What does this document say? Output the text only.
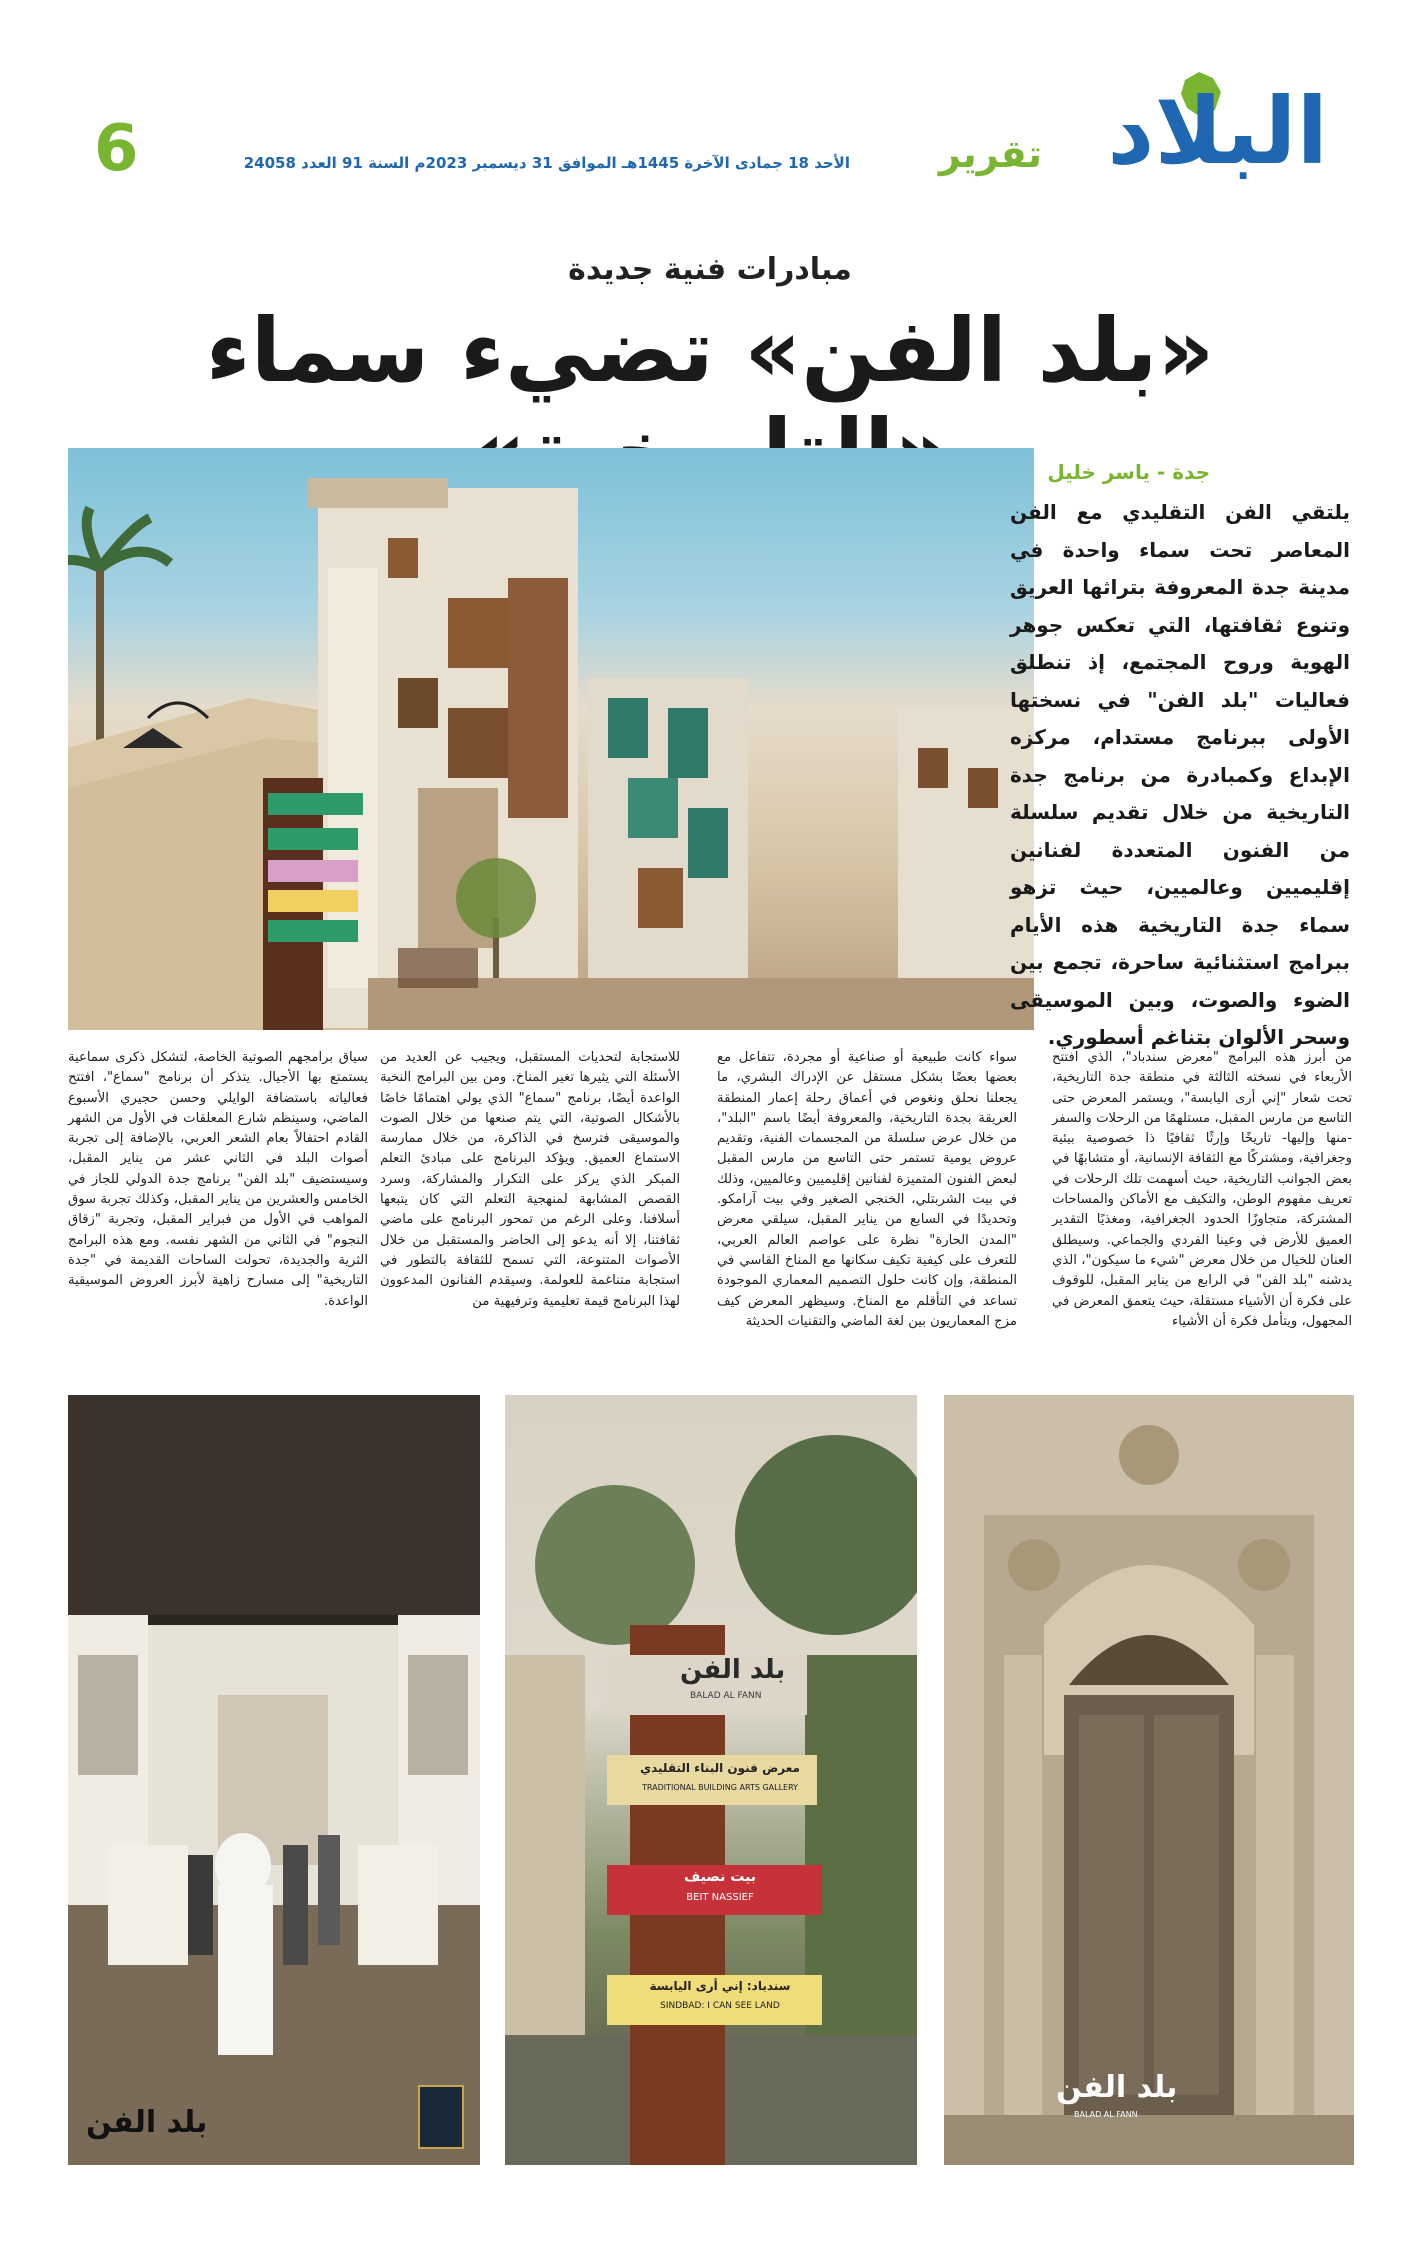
البلاد
تقرير
الأحد 18 جمادى الآخرة 1445هـ الموافق 31 ديسمبر 2023م السنة 91 العدد 24058
6
مبادرات فنية جديدة
«بلد الفن» تضيء سماء
جدة - ياسر خليل
يلتقي الفن التقليدي مع الفن المعاصر تحت سماء واحدة في مدينة جدة المعروفة بتراثها العريق وتنوع ثقافتها، التي تعكس جوهر الهوية وروح المجتمع، إذ تنطلق فعاليات "بلد الفن" في نسختها الأولى ببرنامج مستدام، مركزه الإبداع وكمبادرة من برنامج جدة التاريخية من خلال تقديم سلسلة من الفنون المتعددة لفنانين إقليميين وعالميين، حيث تزهو سماء جدة التاريخية هذه الأيام ببرامج استثنائية ساحرة، تجمع بين الضوء والصوت، وبين الموسيقى وسحر الألوان بتناغم أسطوري.
من أبرز هذه البرامج "معرض سندباد"، الذي افتتح الأربعاء في نسخته الثالثة في منطقة جدة التاريخية، تحت شعار "إني أرى اليابسة"، ويستمر المعرض حتى التاسع من مارس المقبل، مستلهمًا من الرحلات والسفر -منها وإليها- تاريخًا وإرثًا ثقافيًا ذا خصوصية بيئية وجغرافية، ومشتركًا مع الثقافة الإنسانية، أو متشابهًا في بعض الجوانب التاريخية، حيث أسهمت تلك الرحلات في تعريف مفهوم الوطن، والتكيف مع الأماكن والمساحات المشتركة، متجاوزًا الحدود الجغرافية، ومغذيًا التقدير العميق للأرض في وعينا الفردي والجماعي. وسيطلق العنان للخيال من خلال معرض "شيء ما سيكون"، الذي يدشنه "بلد الفن" في الرابع من يناير المقبل، للوقوف على فكرة أن الأشياء مستقلة، حيث يتعمق المعرض في المجهول، ويتأمل فكرة أن الأشياء
سواء كانت طبيعية أو صناعية أو مجردة، تتفاعل مع بعضها بعضًا بشكل مستقل عن الإدراك البشري، ما يجعلنا نحلق ونغوص في أعماق رحلة إعمار المنطقة العريقة بجدة التاريخية، والمعروفة أيضًا باسم "البلد"، من خلال عرض سلسلة من المجسمات الفنية، وتقديم عروض يومية تستمر حتى التاسع من مارس المقبل لبعض الفنون المتميزة لفنانين إقليميين وعالميين، وذلك في بيت الشربتلي، الخنجي الصغير وفي بيت آرامكو. وتحديدًا في السابع من يناير المقبل، سيلقي معرض "المدن الحارة" نظرة على عواصم العالم العربي، للتعرف على كيفية تكيف سكانها مع المناخ القاسي في المنطقة، وإن كانت حلول التصميم المعماري الموجودة تساعد في التأقلم مع المناخ. وسيظهر المعرض كيف مزج المعماريون بين لغة الماضي والتقنيات الحديثة
للاستجابة لتحديات المستقبل، ويجيب عن العديد من الأسئلة التي يثيرها تغير المناخ. ومن بين البرامج النخبة الواعدة أيضًا، برنامج "سماع" الذي يولي اهتمامًا خاصًا بالأشكال الصوتية، التي يتم صنعها من خلال الصوت والموسيقى فترسخ في الذاكرة، من خلال ممارسة الاستماع العميق. ويؤكد البرنامج على مبادئ التعلم المبكر الذي يركز على التكرار والمشاركة، وسرد القصص المشابهة لمنهجية التعلم التي كان يتبعها أسلافنا. وعلى الرغم من تمحور البرنامج على ماضي ثقافتنا، إلا أنه يدعو إلى الحاضر والمستقبل من خلال الأصوات المتنوعة، التي تسمح للثقافة بالتطور في استجابة متناغمة للعولمة. وسيقدم الفنانون المدعوون لهذا البرنامج قيمة تعليمية وترفيهية من
سياق برامجهم الصوتية الخاصة، لتشكل ذكرى سماعية يستمتع بها الأجيال. يتذكر أن برنامج "سماع"، افتتح فعالياته باستضافة الوايلي وحسن حجيري الأسبوع الماضي، وسينظم شارع المعلقات في الأول من الشهر القادم احتفالاً بعام الشعر العربي، بالإضافة إلى تجربة أصوات البلد في الثاني عشر من يناير المقبل، وسيستضيف "بلد الفن" برنامج جدة الدولي للجاز في الخامس والعشرين من يناير المقبل، وكذلك تجربة سوق المواهب في الأول من فبراير المقبل، وتجربة "زقاق النجوم" في الثاني من الشهر نفسه. ومع هذه البرامج الثرية والجديدة، تحولت الساحات القديمة في "جدة التاريخية" إلى مسارح زاهية لأبرز العروض الموسيقية الواعدة.
بلد الفن
بلد الفن
BALAD AL FANN
معرض فنون البناء التقليدي
TRADITIONAL BUILDING ARTS GALLERY
بيت نصيف
BEIT NASSIEF
سندباد: إني أرى اليابسة
SINDBAD: I CAN SEE LAND
بلد الفن
BALAD AL FANN
